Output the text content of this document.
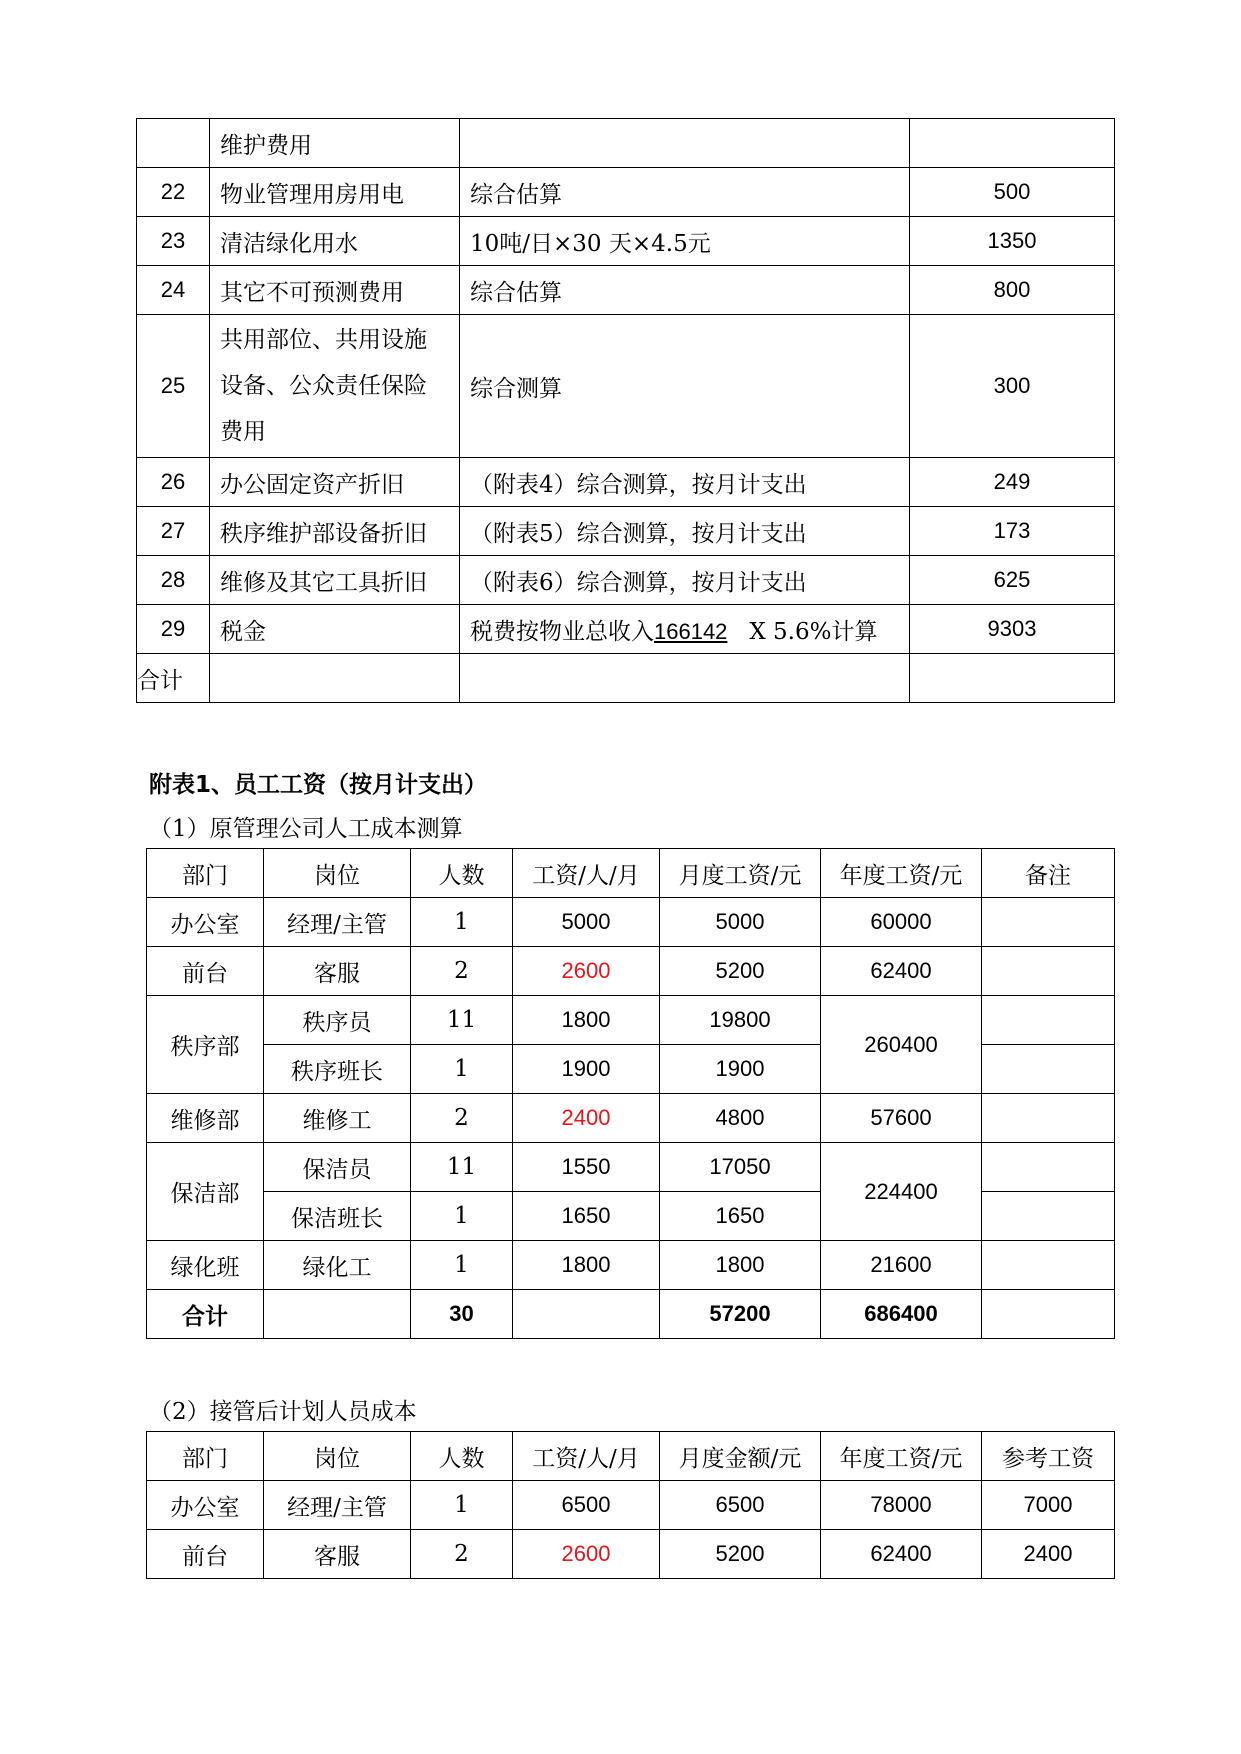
	维护费用		
22	物业管理用房用电	综合估算	500
23	清洁绿化用水	10吨/日×30 天×4.5元	1350
24	其它不可预测费用	综合估算	800
25	共用部位、共用设施
设备、公众责任保险
费用	综合测算	300
26	办公固定资产折旧	（附表4）综合测算，按月计支出	249
27	秩序维护部设备折旧	（附表5）综合测算，按月计支出	173
28	维修及其它工具折旧	（附表6）综合测算，按月计支出	625
29	税金	税费按物业总收入166142 X 5.6%计算	9303
合计			
附表1、员工工资（按月计支出）
（1）原管理公司人工成本测算
部门	岗位	人数	工资/人/月	月度工资/元	年度工资/元	备注
办公室	经理/主管	1	5000	5000	60000	
前台	客服	2	2600	5200	62400	
秩序部	秩序员	11	1800	19800	260400	
	秩序班长	1	1900	1900		
维修部	维修工	2	2400	4800	57600	
保洁部	保洁员	11	1550	17050	224400	
	保洁班长	1	1650	1650		
绿化班	绿化工	1	1800	1800	21600	
合计		30		57200	686400	
（2）接管后计划人员成本
部门	岗位	人数	工资/人/月	月度金额/元	年度工资/元	参考工资
办公室	经理/主管	1	6500	6500	78000	7000
前台	客服	2	2600	5200	62400	2400
